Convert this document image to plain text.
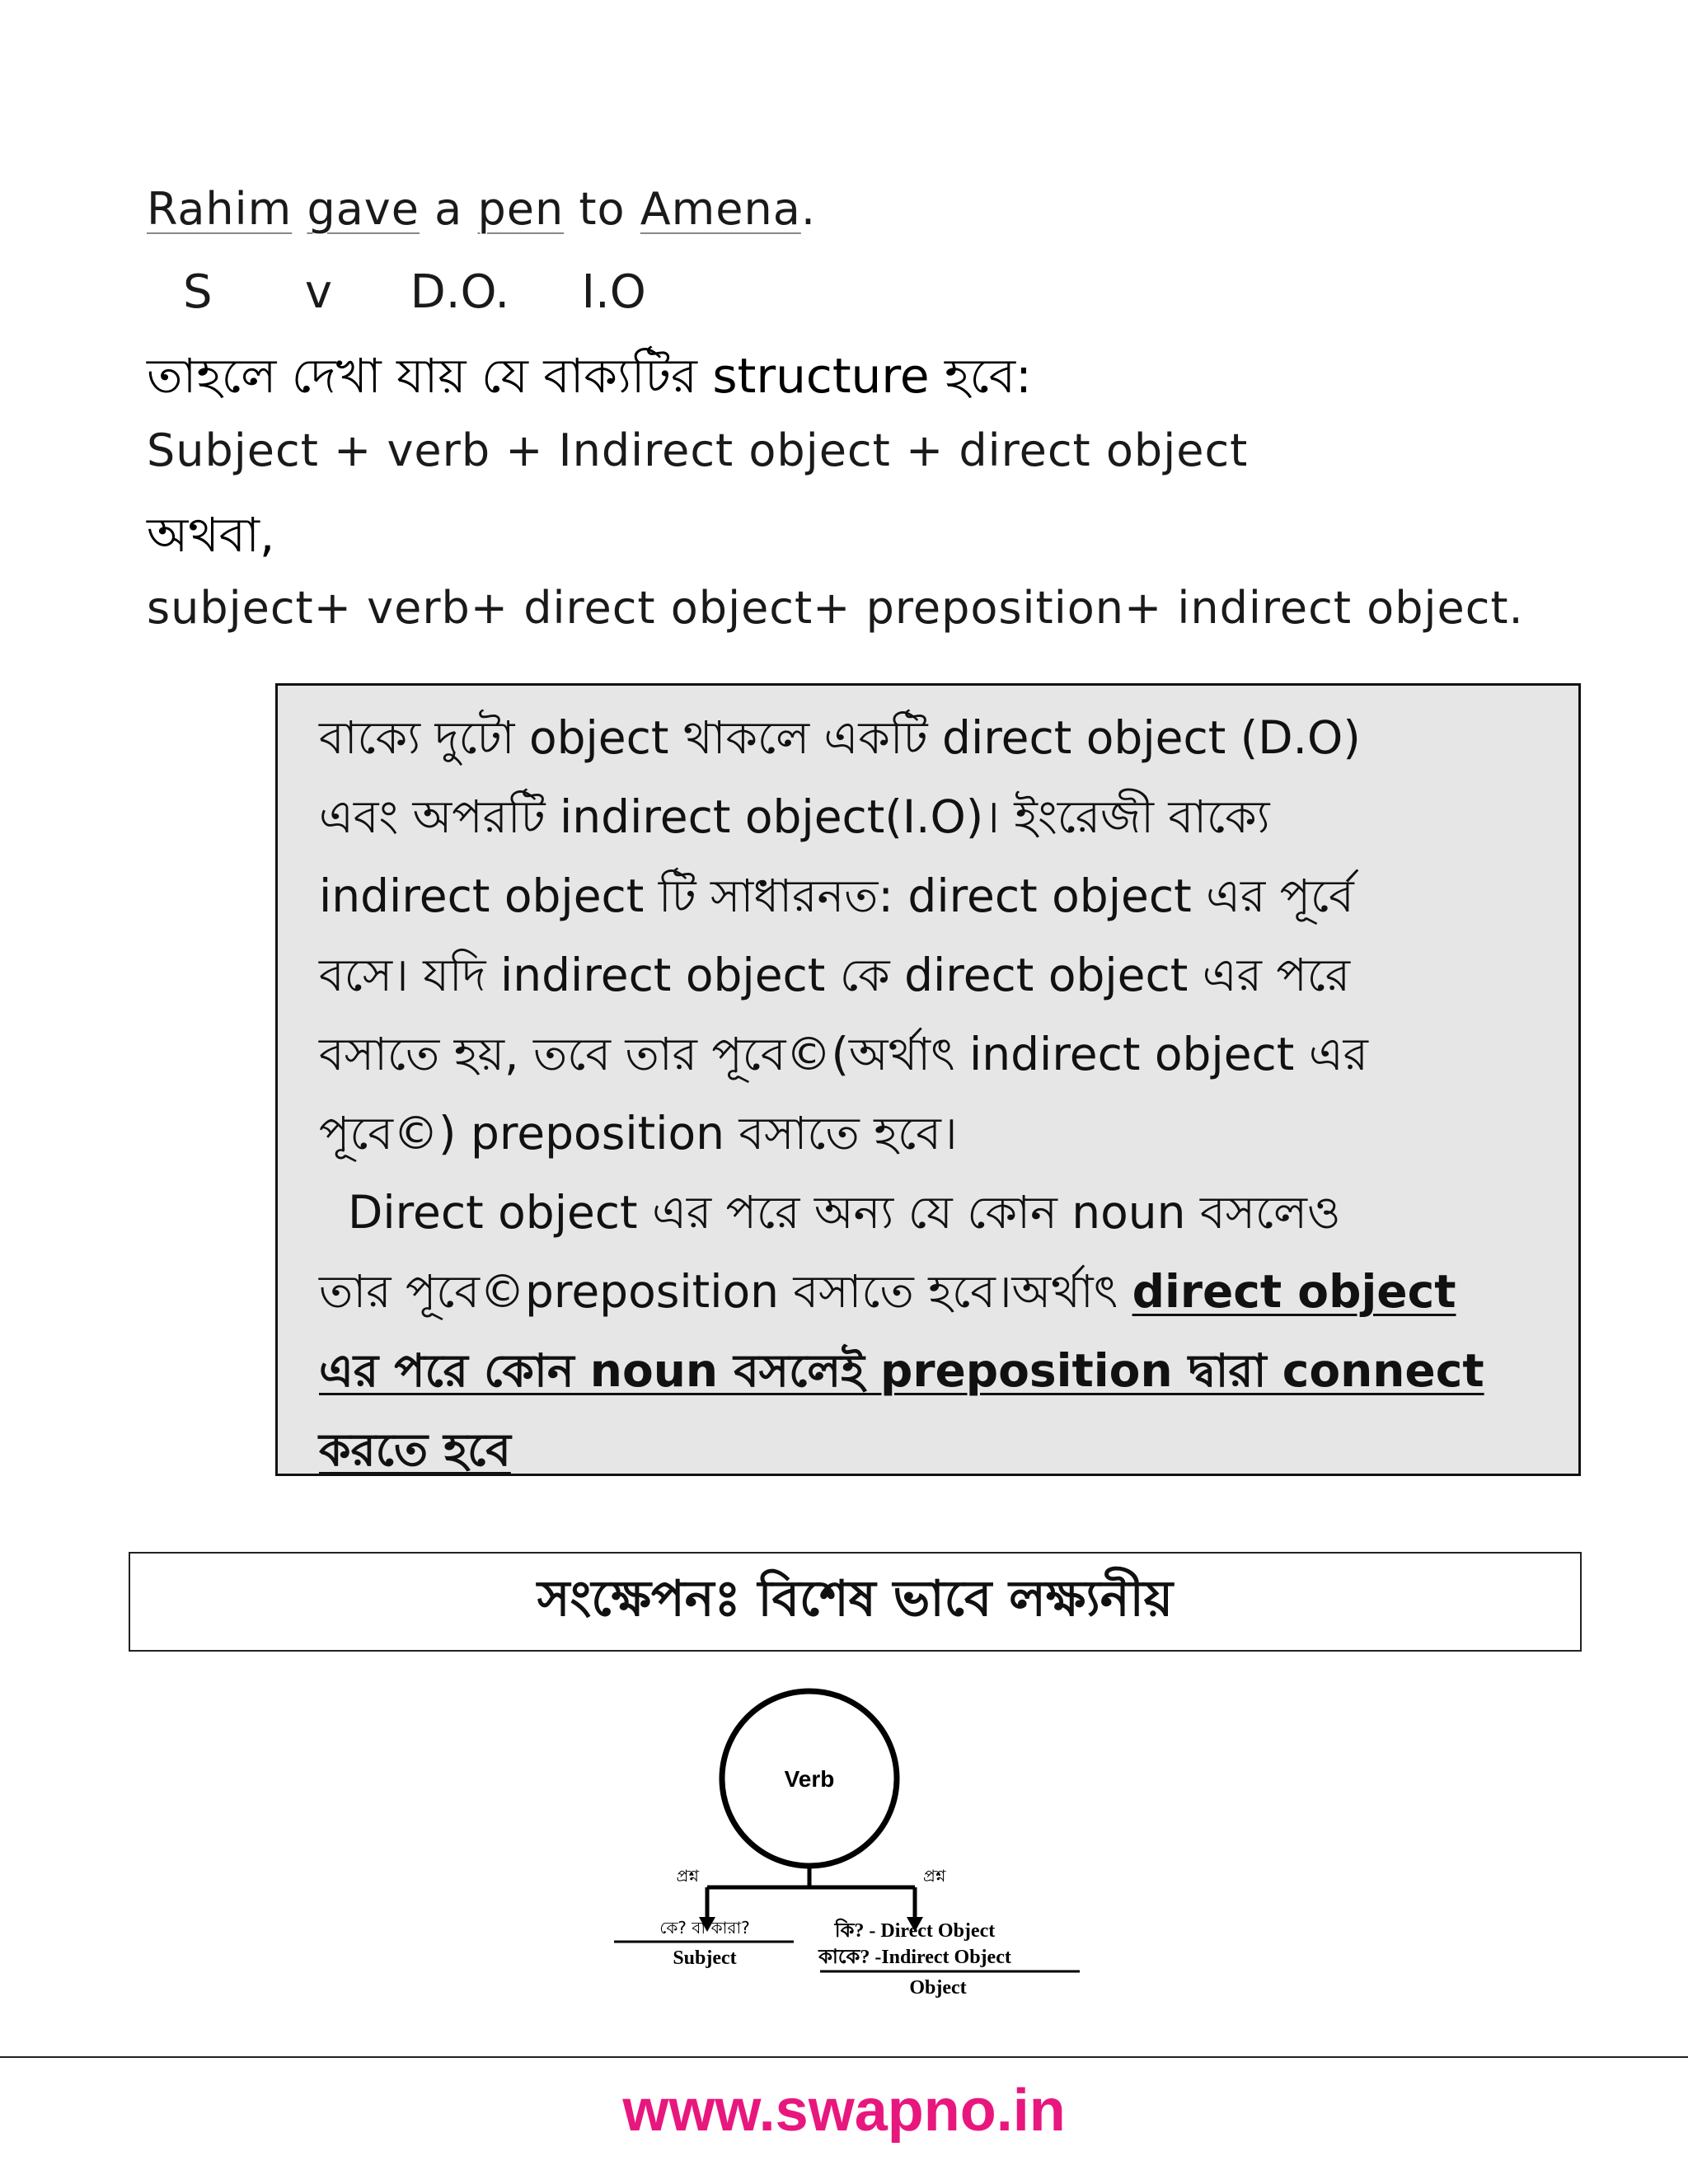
Rahim gave a pen to Amena.
S v D.O. I.O
তাহলে দেখা যায় যে বাক্যটির structure হবে:
Subject + verb + Indirect object + direct object
অথবা,
subject+ verb+ direct object+ preposition+ indirect object.

বাক্যে দুটো object থাকলে একটি direct object (D.O)

এবং অপরটি indirect object(I.O)। ইংরেজী বাক্যে

indirect object টি সাধারনত: direct object এর পূর্বে

বসে। যদি indirect object কে direct object এর পরে

বসাতে হয়, তবে তার পূবে©(অর্থাৎ indirect object এর

পূবে©) preposition বসাতে হবে।

Direct object এর পরে অন্য যে কোন noun বসলেও

তার পূবে©preposition বসাতে হবে।অর্থাৎ direct object

এর পরে কোন noun বসলেই preposition দ্বারা connect

করতে হবে

সংক্ষেপনঃ বিশেষ ভাবে লক্ষ্যনীয়
Verb
প্রশ্ন	প্রশ্ন
কে? বা কারা?
Subject
কি? - Direct Object
কাকে? -Indirect Object
Object
www.swapno.in
